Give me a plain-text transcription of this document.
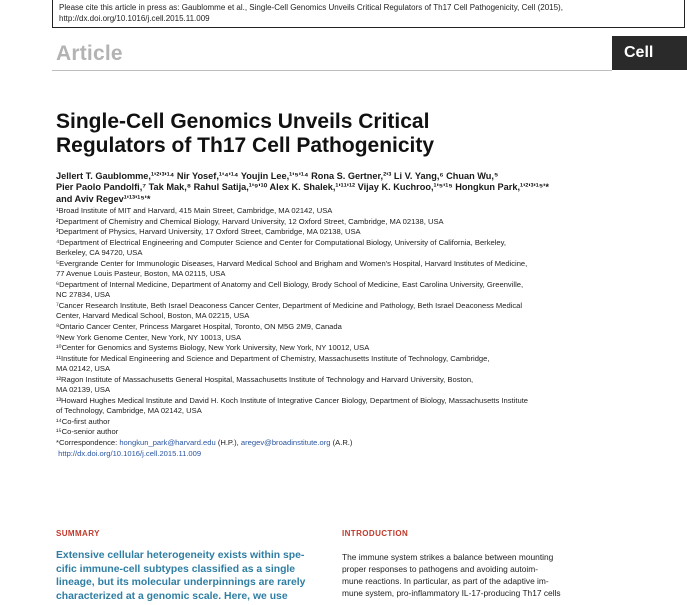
Please cite this article in press as: Gaublomme et al., Single-Cell Genomics Unveils Critical Regulators of Th17 Cell Pathogenicity, Cell (2015),
http://dx.doi.org/10.1016/j.cell.2015.11.009
Article	Cell
Single-Cell Genomics Unveils Critical
Regulators of Th17 Cell Pathogenicity

Jellert T. Gaublomme,¹ʹ²ʹ³ʹ¹⁴ Nir Yosef,¹ʹ⁴ʹ¹⁴ Youjin Lee,¹ʹ⁵ʹ¹⁴ Rona S. Gertner,²ʹ³ Li V. Yang,⁶ Chuan Wu,⁵
Pier Paolo Pandolfi,⁷ Tak Mak,⁸ Rahul Satija,¹ʹ⁹ʹ¹⁰ Alex K. Shalek,¹ʹ¹¹ʹ¹² Vijay K. Kuchroo,¹ʹ⁵ʹ¹⁵ Hongkun Park,¹ʹ²ʹ³ʹ¹⁵ʹ*
and Aviv Regev¹ʹ¹³ʹ¹⁵ʹ*

¹Broad Institute of MIT and Harvard, 415 Main Street, Cambridge, MA 02142, USA
²Department of Chemistry and Chemical Biology, Harvard University, 12 Oxford Street, Cambridge, MA 02138, USA
³Department of Physics, Harvard University, 17 Oxford Street, Cambridge, MA 02138, USA
⁴Department of Electrical Engineering and Computer Science and Center for Computational Biology, University of California, Berkeley,
Berkeley, CA 94720, USA
⁵Evergrande Center for Immunologic Diseases, Harvard Medical School and Brigham and Women's Hospital, Harvard Institutes of Medicine,
77 Avenue Louis Pasteur, Boston, MA 02115, USA
⁶Department of Internal Medicine, Department of Anatomy and Cell Biology, Brody School of Medicine, East Carolina University, Greenville,
NC 27834, USA
⁷Cancer Research Institute, Beth Israel Deaconess Cancer Center, Department of Medicine and Pathology, Beth Israel Deaconess Medical
Center, Harvard Medical School, Boston, MA 02215, USA
⁸Ontario Cancer Center, Princess Margaret Hospital, Toronto, ON M5G 2M9, Canada
⁹New York Genome Center, New York, NY 10013, USA
¹⁰Center for Genomics and Systems Biology, New York University, New York, NY 10012, USA
¹¹Institute for Medical Engineering and Science and Department of Chemistry, Massachusetts Institute of Technology, Cambridge,
MA 02142, USA
¹²Ragon Institute of Massachusetts General Hospital, Massachusetts Institute of Technology and Harvard University, Boston,
MA 02139, USA
¹³Howard Hughes Medical Institute and David H. Koch Institute of Integrative Cancer Biology, Department of Biology, Massachusetts Institute
of Technology, Cambridge, MA 02142, USA
¹⁴Co-first author
¹⁵Co-senior author
*Correspondence: hongkun_park@harvard.edu (H.P.), aregev@broadinstitute.org (A.R.)
http://dx.doi.org/10.1016/j.cell.2015.11.009
SUMMARY	INTRODUCTION
Extensive cellular heterogeneity exists within spe-
cific immune-cell subtypes classified as a single
lineage, but its molecular underpinnings are rarely
characterized at a genomic scale. Here, we use
The immune system strikes a balance between mounting
proper responses to pathogens and avoiding autoim-
mune reactions. In particular, as part of the adaptive im-
mune system, pro-inflammatory IL-17-producing Th17 cells
